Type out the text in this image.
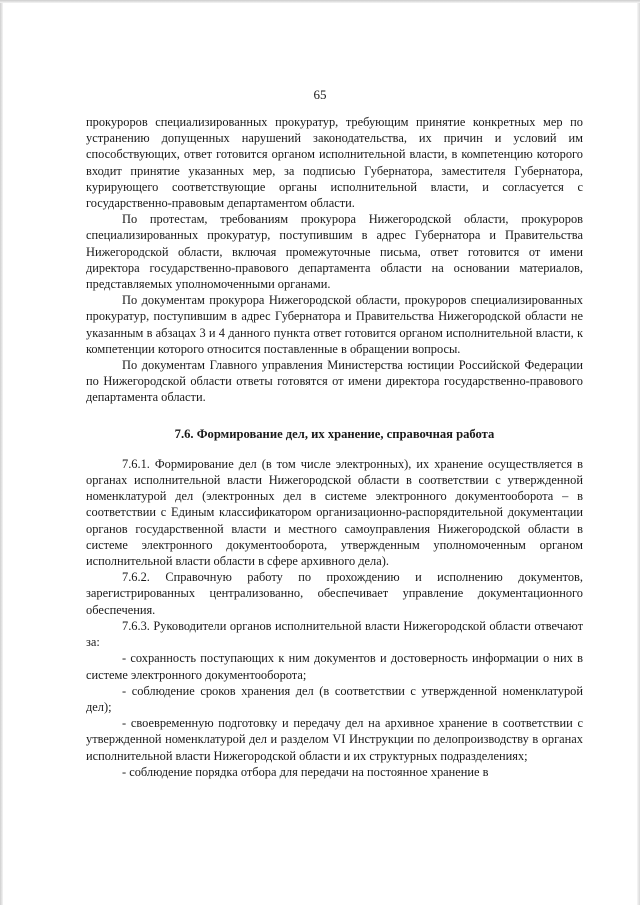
65

прокуроров специализированных прокуратур, требующим принятие конкретных мер по устранению допущенных нарушений законодательства, их причин и условий им способствующих, ответ готовится органом исполнительной власти, в компетенцию которого входит принятие указанных мер, за подписью Губернатора, заместителя Губернатора, курирующего соответствующие органы исполнительной власти, и согласуется с государственно-правовым департаментом области.

По протестам, требованиям прокурора Нижегородской области, прокуроров специализированных прокуратур, поступившим в адрес Губернатора и Правительства Нижегородской области, включая промежуточные письма, ответ готовится от имени директора государственно-правового департамента области на основании материалов, представляемых уполномоченными органами.

По документам прокурора Нижегородской области, прокуроров специализированных прокуратур, поступившим в адрес Губернатора и Правительства Нижегородской области не указанным в абзацах 3 и 4 данного пункта ответ готовится органом исполнительной власти, к компетенции которого относится поставленные в обращении вопросы.

По документам Главного управления Министерства юстиции Российской Федерации по Нижегородской области ответы готовятся от имени директора государственно-правового департамента области.

7.6. Формирование дел, их хранение, справочная работа

7.6.1. Формирование дел (в том числе электронных), их хранение осуществляется в органах исполнительной власти Нижегородской области в соответствии с утвержденной номенклатурой дел (электронных дел в системе электронного документооборота – в соответствии с Единым классификатором организационно-распорядительной документации органов государственной власти и местного самоуправления Нижегородской области в системе электронного документооборота, утвержденным уполномоченным органом исполнительной власти области в сфере архивного дела).

7.6.2. Справочную работу по прохождению и исполнению документов, зарегистрированных централизованно, обеспечивает управление документационного обеспечения.

7.6.3. Руководители органов исполнительной власти Нижегородской области отвечают за:

- сохранность поступающих к ним документов и достоверность информации о них в системе электронного документооборота;

- соблюдение сроков хранения дел (в соответствии с утвержденной номенклатурой дел);

- своевременную подготовку и передачу дел на архивное хранение в соответствии с утвержденной номенклатурой дел и разделом VI Инструкции по делопроизводству в органах исполнительной власти Нижегородской области и их структурных подразделениях;

- соблюдение порядка отбора для передачи на постоянное хранение в
